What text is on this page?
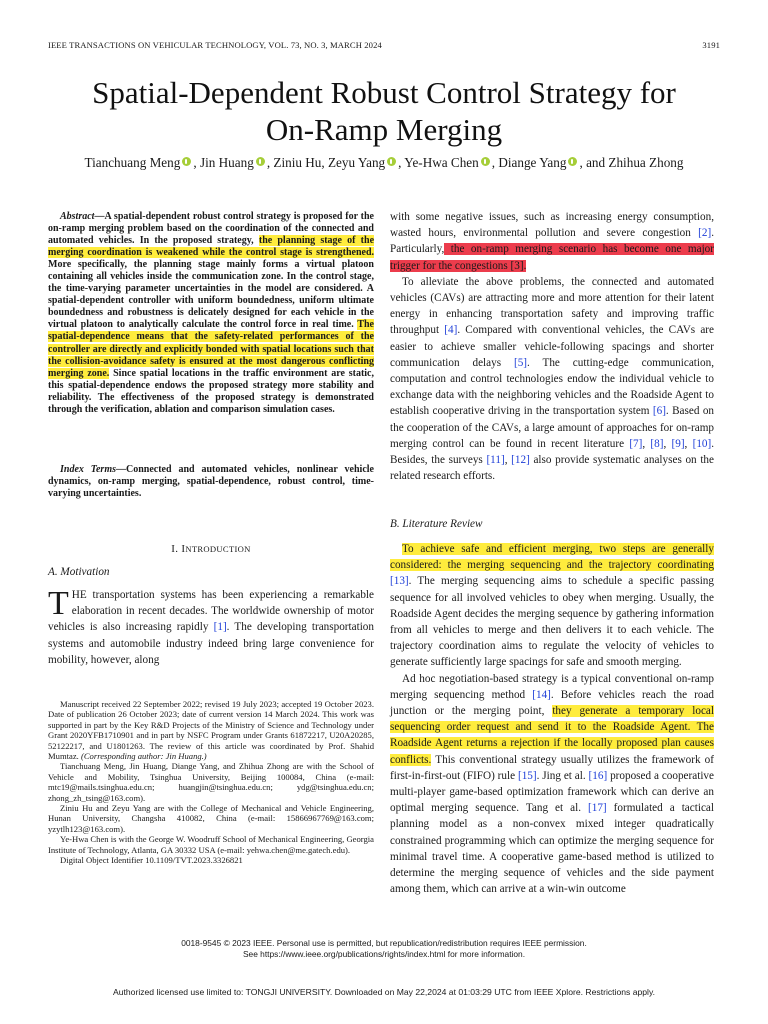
IEEE TRANSACTIONS ON VEHICULAR TECHNOLOGY, VOL. 73, NO. 3, MARCH 2024	3191
Spatial-Dependent Robust Control Strategy for
On-Ramp Merging
Tianchuang Meng , Jin Huang , Ziniu Hu, Zeyu Yang , Ye-Hwa Chen , Diange Yang , and Zhihua Zhong

Abstract—A spatial-dependent robust control strategy is proposed for the on-ramp merging problem based on the coordination of the connected and automated vehicles. In the proposed strategy, the planning stage of the merging coordination is weakened while the control stage is strengthened. More specifically, the planning stage mainly forms a virtual platoon containing all vehicles inside the communication zone. In the control stage, the time-varying parameter uncertainties in the model are considered. A spatial-dependent controller with uniform boundedness, uniform ultimate boundedness and robustness is delicately designed for each vehicle in the virtual platoon to analytically calculate the control force in real time. The spatial-dependence means that the safety-related performances of the controller are directly and explicitly bonded with spatial locations such that the collision-avoidance safety is ensured at the most dangerous conflicting merging zone. Since spatial locations in the traffic environment are static, this spatial-dependence endows the proposed strategy more stability and reliability. The effectiveness of the proposed strategy is demonstrated through the verification, ablation and comparison simulation cases.

Index Terms—Connected and automated vehicles, nonlinear vehicle dynamics, on-ramp merging, spatial-dependence, robust control, time-varying uncertainties.

I. INTRODUCTION
A. Motivation

THE transportation systems has been experiencing a remarkable elaboration in recent decades. The worldwide ownership of motor vehicles is also increasing rapidly [1]. The developing transportation systems and automobile industry indeed bring large convenience for mobility, however, along

Manuscript received 22 September 2022; revised 19 July 2023; accepted 19 October 2023. Date of publication 26 October 2023; date of current version 14 March 2024. This work was supported in part by the Key R&D Projects of the Ministry of Science and Technology under Grant 2020YFB1710901 and in part by NSFC Program under Grants 61872217, U20A20285, 52122217, and U1801263. The review of this article was coordinated by Prof. Shahid Mumtaz. (Corresponding author: Jin Huang.)

Tianchuang Meng, Jin Huang, Diange Yang, and Zhihua Zhong are with the School of Vehicle and Mobility, Tsinghua University, Beijing 100084, China (e-mail: mtc19@mails.tsinghua.edu.cn; huangjin@tsinghua.edu.cn; ydg@tsinghua.edu.cn; zhong_zh_tsing@163.com).

Ziniu Hu and Zeyu Yang are with the College of Mechanical and Vehicle Engineering, Hunan University, Changsha 410082, China (e-mail: 15866967769@163.com; yzytlh123@163.com).

Ye-Hwa Chen is with the George W. Woodruff School of Mechanical Engineering, Georgia Institute of Technology, Atlanta, GA 30332 USA (e-mail: yehwa.chen@me.gatech.edu).

Digital Object Identifier 10.1109/TVT.2023.3326821

with some negative issues, such as increasing energy consumption, wasted hours, environmental pollution and severe congestion [2]. Particularly, the on-ramp merging scenario has become one major trigger for the congestions [3].

To alleviate the above problems, the connected and automated vehicles (CAVs) are attracting more and more attention for their latent energy in enhancing transportation safety and improving traffic throughput [4]. Compared with conventional vehicles, the CAVs are easier to achieve smaller vehicle-following spacings and shorter communication delays [5]. The cutting-edge communication, computation and control technologies endow the individual vehicle to exchange data with the neighboring vehicles and the Roadside Agent to establish cooperative driving in the transportation system [6]. Based on the cooperation of the CAVs, a large amount of approaches for on-ramp merging control can be found in recent literature [7], [8], [9], [10]. Besides, the surveys [11], [12] also provide systematic analyses on the related research efforts.

B. Literature Review

To achieve safe and efficient merging, two steps are generally considered: the merging sequencing and the trajectory coordinating [13]. The merging sequencing aims to schedule a specific passing sequence for all involved vehicles to obey when merging. Usually, the Roadside Agent decides the merging sequence by gathering information from all vehicles to merge and then delivers it to each vehicle. The trajectory coordination aims to regulate the velocity of vehicles to generate sufficiently large spacings for safe and smooth merging.

Ad hoc negotiation-based strategy is a typical conventional on-ramp merging sequencing method [14]. Before vehicles reach the road junction or the merging point, they generate a temporary local sequencing order request and send it to the Roadside Agent. The Roadside Agent returns a rejection if the locally proposed plan causes conflicts. This conventional strategy usually utilizes the framework of first-in-first-out (FIFO) rule [15]. Jing et al. [16] proposed a cooperative multi-player game-based optimization framework which can derive an optimal merging sequence. Tang et al. [17] formulated a tactical planning model as a non-convex mixed integer quadratically constrained programming which can optimize the merging sequence for minimal travel time. A cooperative game-based method is utilized to determine the merging sequence of vehicles and the side payment among them, which can arrive at a win-win outcome

0018-9545 © 2023 IEEE. Personal use is permitted, but republication/redistribution requires IEEE permission.
See https://www.ieee.org/publications/rights/index.html for more information.
Authorized licensed use limited to: TONGJI UNIVERSITY. Downloaded on May 22,2024 at 01:03:29 UTC from IEEE Xplore. Restrictions apply.
